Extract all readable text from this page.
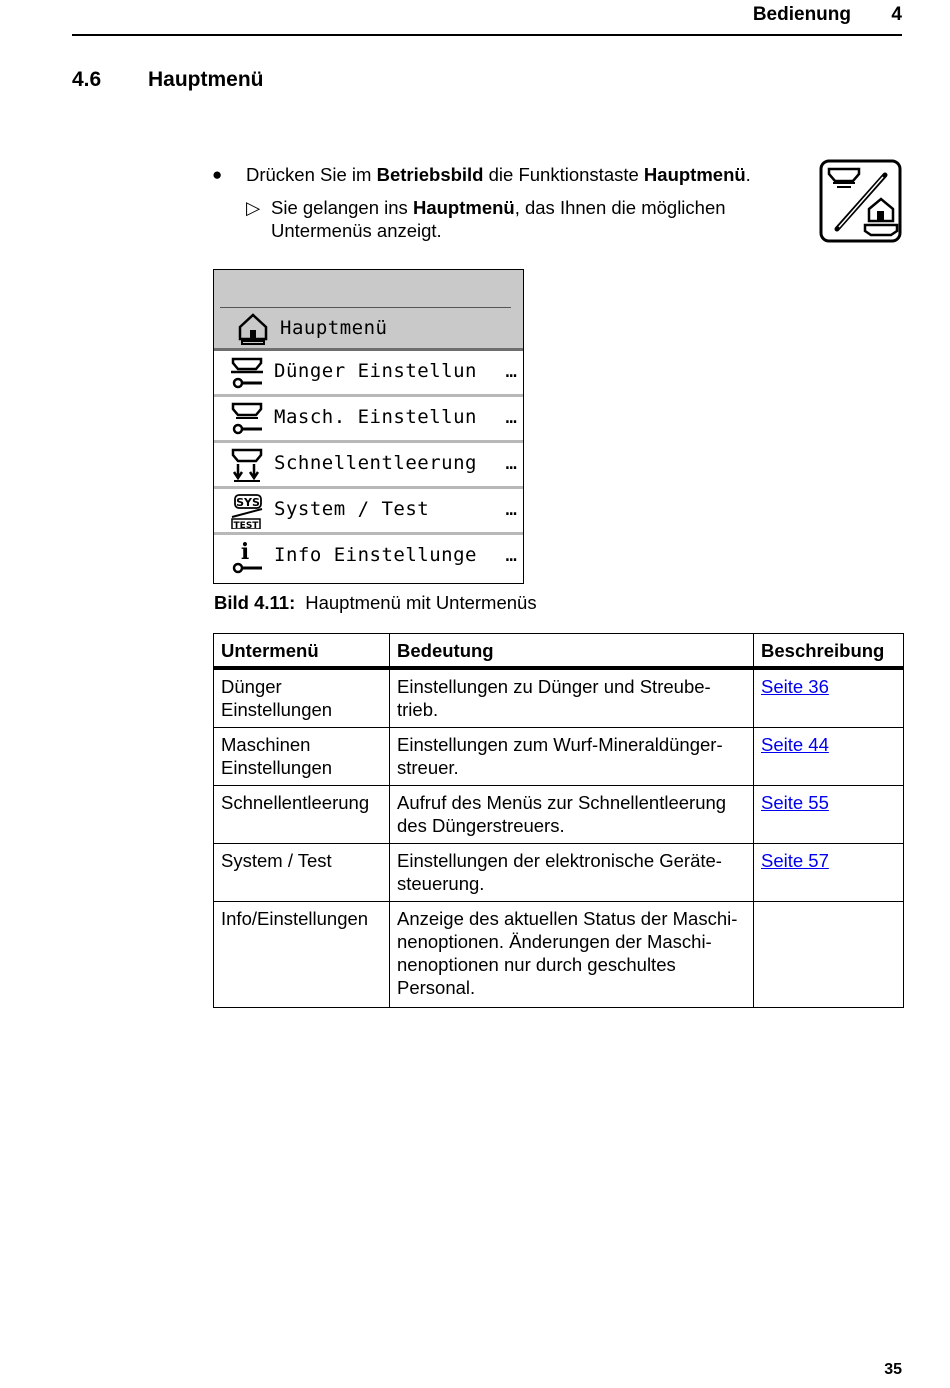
Bedienung 4
4.6 Hauptmenü
● Drücken Sie im Betriebsbild die Funktionstaste Hauptmenü.
▷ Sie gelangen ins Hauptmenü, das Ihnen die möglichen Untermenüs anzeigt.
Hauptmenü
Dünger Einstellun …
Masch. Einstellun …
Schnellentleerung …
SYS
TEST
System / Test	…
i Info Einstellunge …
Bild 4.11: Hauptmenü mit Untermenüs
Untermenü	Bedeutung	Beschreibung
Dünger Einstellungen	Einstellungen zu Dünger und Streube-trieb.	Seite 36
Maschinen Einstellungen	Einstellungen zum Wurf-Mineraldünger-streuer.	Seite 44
Schnellentleerung	Aufruf des Menüs zur Schnellentleerung des Düngerstreuers.	Seite 55
System / Test	Einstellungen der elektronische Geräte-steuerung.	Seite 57
Info/Einstellungen	Anzeige des aktuellen Status der Maschi-nenoptionen. Änderungen der Maschi-nenoptionen nur durch geschultes Personal.	
35
